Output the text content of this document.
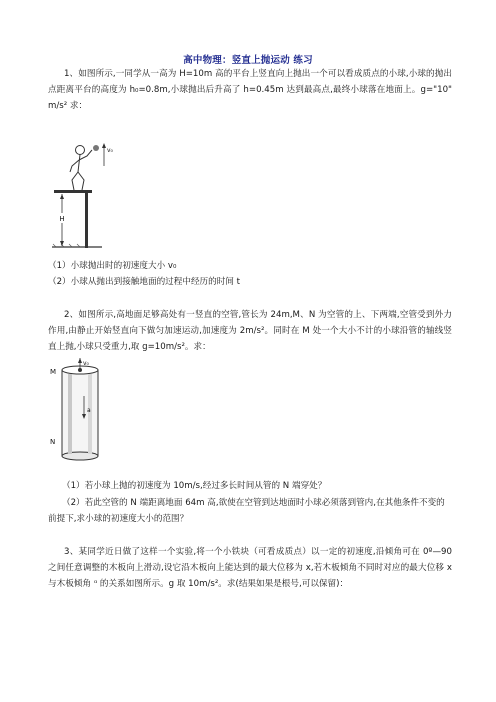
高中物理：竖直上抛运动 练习
1、如图所示,一同学从一高为 H=10m 高的平台上竖直向上抛出一个可以看成质点的小球,小球的抛出点距离平台的高度为 h₀=0.8m,小球抛出后升高了 h=0.45m 达到最高点,最终小球落在地面上。g="10" m/s² 求：
H
v₀
（1）小球抛出时的初速度大小 v₀
（2）小球从抛出到接触地面的过程中经历的时间 t
2、如图所示,高地面足够高处有一竖直的空管,管长为 24m,M、N 为空管的上、下两端,空管受到外力作用,由静止开始竖直向下做匀加速运动,加速度为 2m/s²。同时在 M 处一个大小不计的小球沿管的轴线竖直上抛,小球只受重力,取 g=10m/s²。求：
v₀
a
M
N
（1）若小球上抛的初速度为 10m/s,经过多长时间从管的 N 端穿处？
（2）若此空管的 N 端距离地面 64m 高,欲使在空管到达地面时小球必须落到管内,在其他条件不变的前提下,求小球的初速度大小的范围？
3、某同学近日做了这样一个实验,将一个小铁块（可看成质点）以一定的初速度,沿倾角可在 0º—90 之间任意调整的木板向上滑动,设它沿木板向上能达到的最大位移为 x,若木板倾角不同时对应的最大位移 x 与木板倾角 ᵅ 的关系如图所示。g 取 10m/s²。求(结果如果是根号,可以保留)：
